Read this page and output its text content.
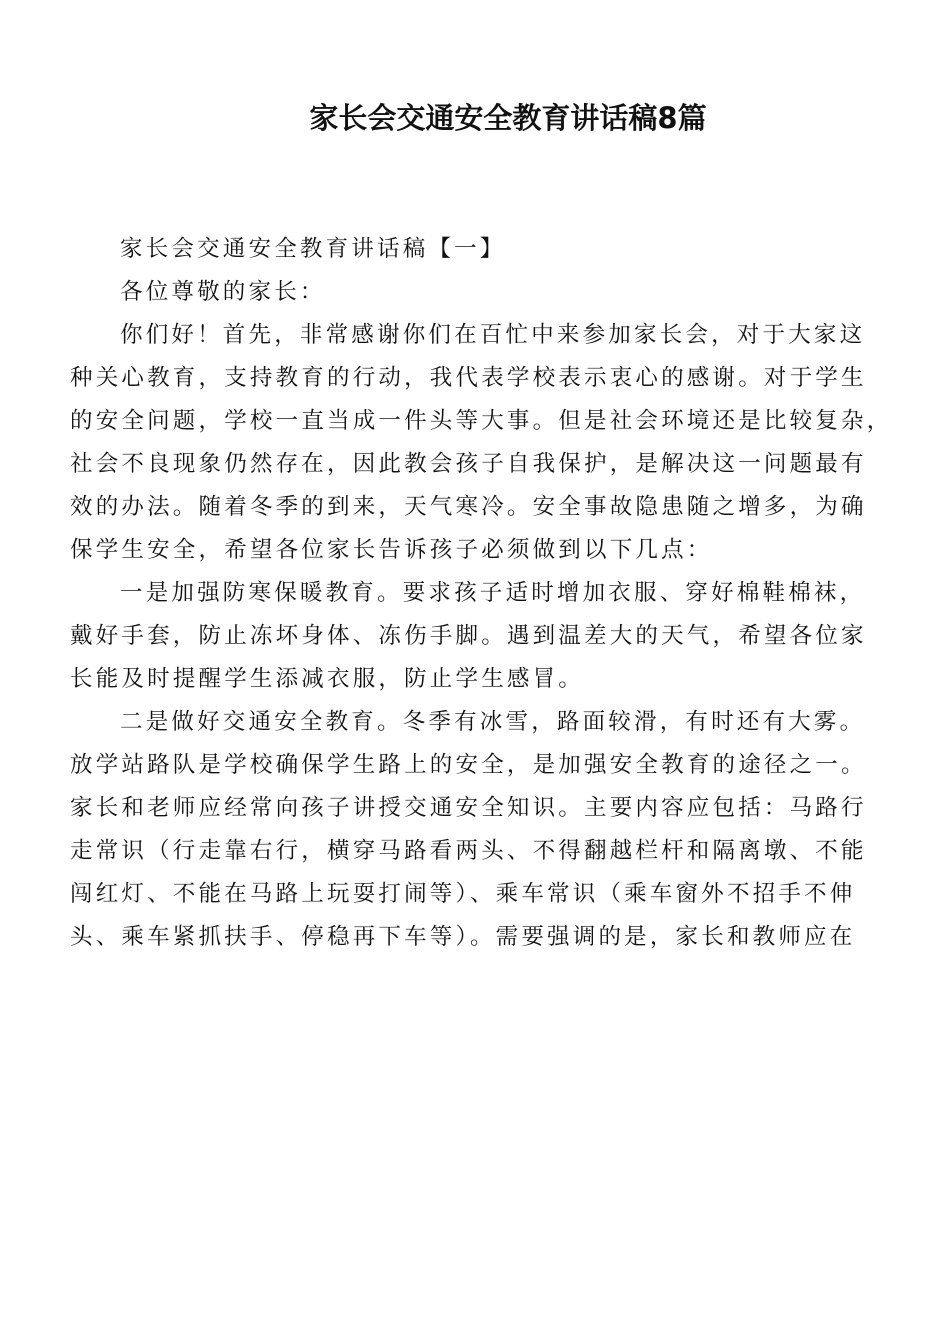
家长会交通安全教育讲话稿8篇
家长会交通安全教育讲话稿【一】
各位尊敬的家长：
你们好！首先，非常感谢你们在百忙中来参加家长会，对于大家这
种关心教育，支持教育的行动，我代表学校表示衷心的感谢。对于学生
的安全问题，学校一直当成一件头等大事。但是社会环境还是比较复杂，
社会不良现象仍然存在，因此教会孩子自我保护，是解决这一问题最有
效的办法。随着冬季的到来，天气寒冷。安全事故隐患随之增多，为确
保学生安全，希望各位家长告诉孩子必须做到以下几点：
一是加强防寒保暖教育。要求孩子适时增加衣服、穿好棉鞋棉袜，
戴好手套，防止冻坏身体、冻伤手脚。遇到温差大的天气，希望各位家
长能及时提醒学生添减衣服，防止学生感冒。
二是做好交通安全教育。冬季有冰雪，路面较滑，有时还有大雾。
放学站路队是学校确保学生路上的安全，是加强安全教育的途径之一。
家长和老师应经常向孩子讲授交通安全知识。主要内容应包括：马路行
走常识（行走靠右行，横穿马路看两头、不得翻越栏杆和隔离墩、不能
闯红灯、不能在马路上玩耍打闹等）、乘车常识（乘车窗外不招手不伸
头、乘车紧抓扶手、停稳再下车等）。需要强调的是，家长和教师应在
